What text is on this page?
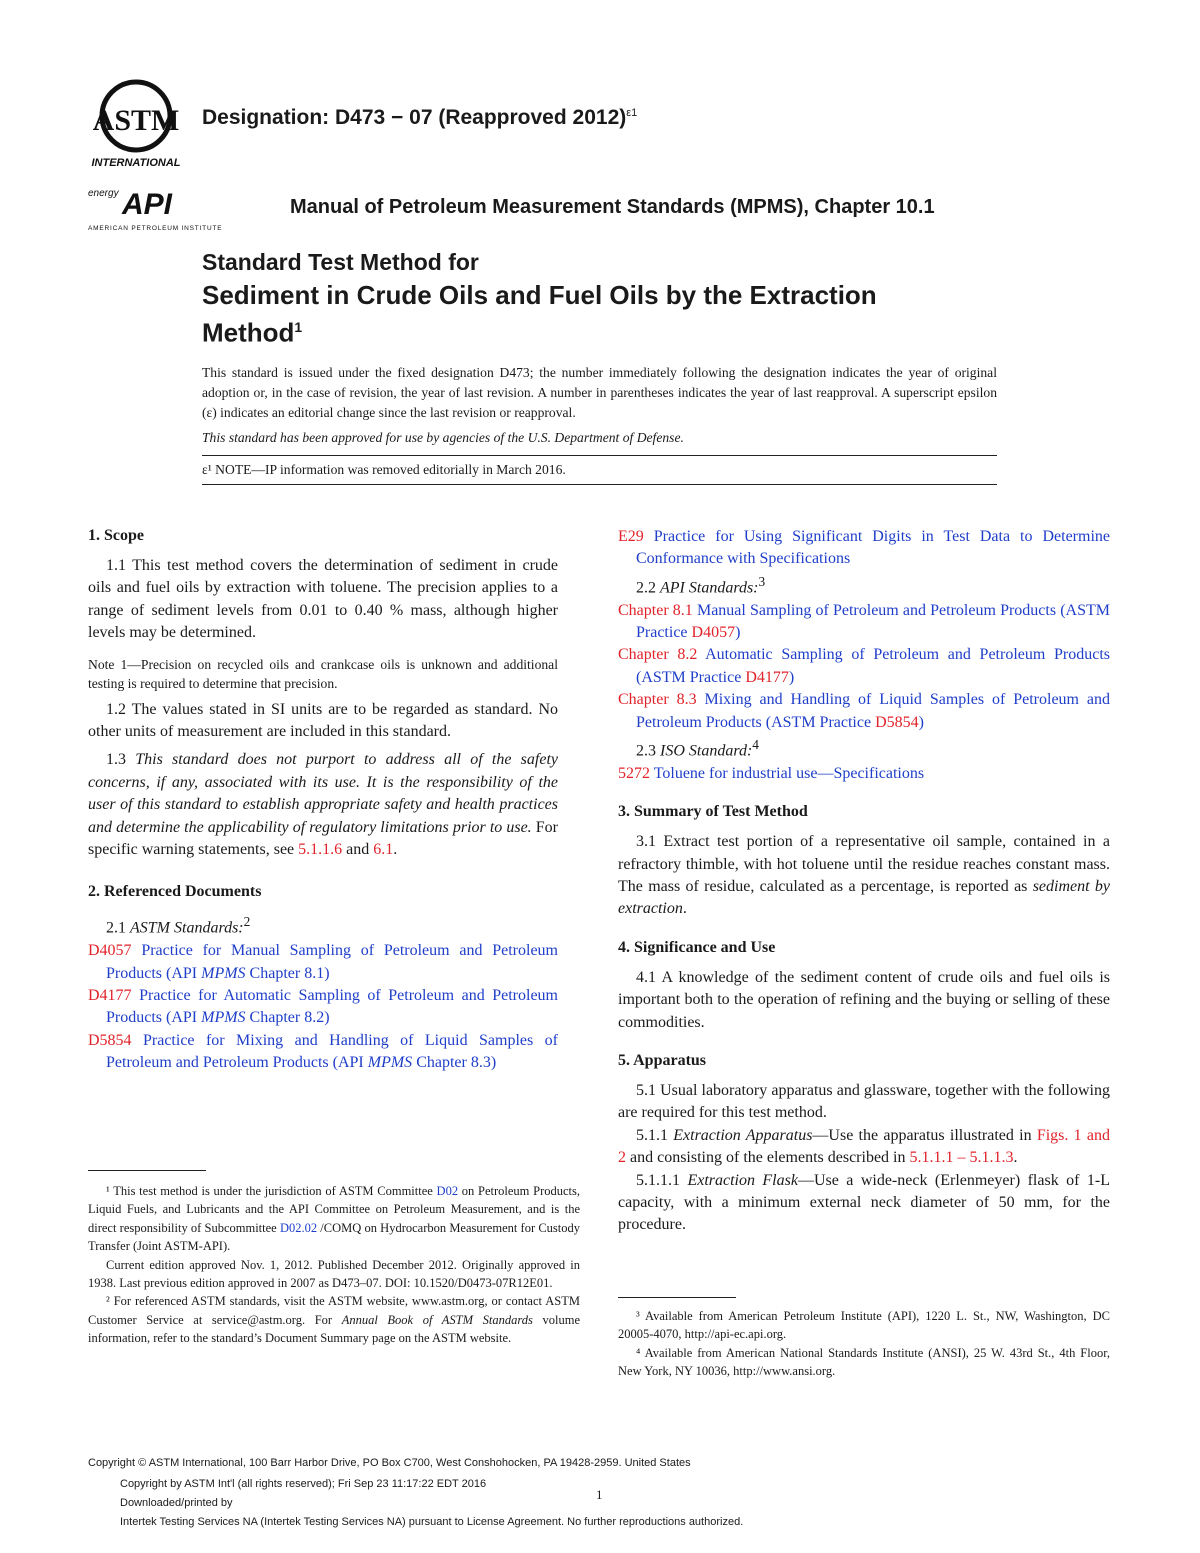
ASTM
INTERNATIONAL
energy API
AMERICAN PETROLEUM INSTITUTE
Designation: D473 − 07 (Reapproved 2012)$^{\varepsilon 1}$
Manual of Petroleum Measurement Standards (MPMS), Chapter 10.1
Standard Test Method for
Sediment in Crude Oils and Fuel Oils by the Extraction Method$^1$
This standard is issued under the fixed designation D473; the number immediately following the designation indicates the year of original adoption or, in the case of revision, the year of last revision. A number in parentheses indicates the year of last reapproval. A superscript epsilon (ε) indicates an editorial change since the last revision or reapproval.
This standard has been approved for use by agencies of the U.S. Department of Defense.
ε¹ NOTE—IP information was removed editorially in March 2016.

1. Scope

1.1 This test method covers the determination of sediment in crude oils and fuel oils by extraction with toluene. The precision applies to a range of sediment levels from 0.01 to 0.40 % mass, although higher levels may be determined.

Note 1—Precision on recycled oils and crankcase oils is unknown and additional testing is required to determine that precision.

1.2 The values stated in SI units are to be regarded as standard. No other units of measurement are included in this standard.

1.3 This standard does not purport to address all of the safety concerns, if any, associated with its use. It is the responsibility of the user of this standard to establish appropriate safety and health practices and determine the applicability of regulatory limitations prior to use. For specific warning statements, see 5.1.1.6 and 6.1.

2. Referenced Documents

2.1 ASTM Standards:$^2$

D4057 Practice for Manual Sampling of Petroleum and Petroleum Products (API MPMS Chapter 8.1)

D4177 Practice for Automatic Sampling of Petroleum and Petroleum Products (API MPMS Chapter 8.2)

D5854 Practice for Mixing and Handling of Liquid Samples of Petroleum and Petroleum Products (API MPMS Chapter 8.3)

¹ This test method is under the jurisdiction of ASTM Committee D02 on Petroleum Products, Liquid Fuels, and Lubricants and the API Committee on Petroleum Measurement, and is the direct responsibility of Subcommittee D02.02 /COMQ on Hydrocarbon Measurement for Custody Transfer (Joint ASTM-API).

Current edition approved Nov. 1, 2012. Published December 2012. Originally approved in 1938. Last previous edition approved in 2007 as D473–07. DOI: 10.1520/D0473-07R12E01.

² For referenced ASTM standards, visit the ASTM website, www.astm.org, or contact ASTM Customer Service at service@astm.org. For Annual Book of ASTM Standards volume information, refer to the standard’s Document Summary page on the ASTM website.

E29 Practice for Using Significant Digits in Test Data to Determine Conformance with Specifications

2.2 API Standards:$^3$

Chapter 8.1 Manual Sampling of Petroleum and Petroleum Products (ASTM Practice D4057)

Chapter 8.2 Automatic Sampling of Petroleum and Petroleum Products (ASTM Practice D4177)

Chapter 8.3 Mixing and Handling of Liquid Samples of Petroleum and Petroleum Products (ASTM Practice D5854)

2.3 ISO Standard:$^4$

5272 Toluene for industrial use—Specifications

3. Summary of Test Method

3.1 Extract test portion of a representative oil sample, contained in a refractory thimble, with hot toluene until the residue reaches constant mass. The mass of residue, calculated as a percentage, is reported as sediment by extraction.

4. Significance and Use

4.1 A knowledge of the sediment content of crude oils and fuel oils is important both to the operation of refining and the buying or selling of these commodities.

5. Apparatus

5.1 Usual laboratory apparatus and glassware, together with the following are required for this test method.

5.1.1 Extraction Apparatus—Use the apparatus illustrated in Figs. 1 and 2 and consisting of the elements described in 5.1.1.1 – 5.1.1.3.

5.1.1.1 Extraction Flask—Use a wide-neck (Erlenmeyer) flask of 1-L capacity, with a minimum external neck diameter of 50 mm, for the procedure.

³ Available from American Petroleum Institute (API), 1220 L. St., NW, Washington, DC 20005-4070, http://api-ec.api.org.

⁴ Available from American National Standards Institute (ANSI), 25 W. 43rd St., 4th Floor, New York, NY 10036, http://www.ansi.org.

Copyright © ASTM International, 100 Barr Harbor Drive, PO Box C700, West Conshohocken, PA 19428-2959. United States
Copyright by ASTM Int'l (all rights reserved); Fri Sep 23 11:17:22 EDT 2016
1
Downloaded/printed by
Intertek Testing Services NA (Intertek Testing Services NA) pursuant to License Agreement. No further reproductions authorized.
